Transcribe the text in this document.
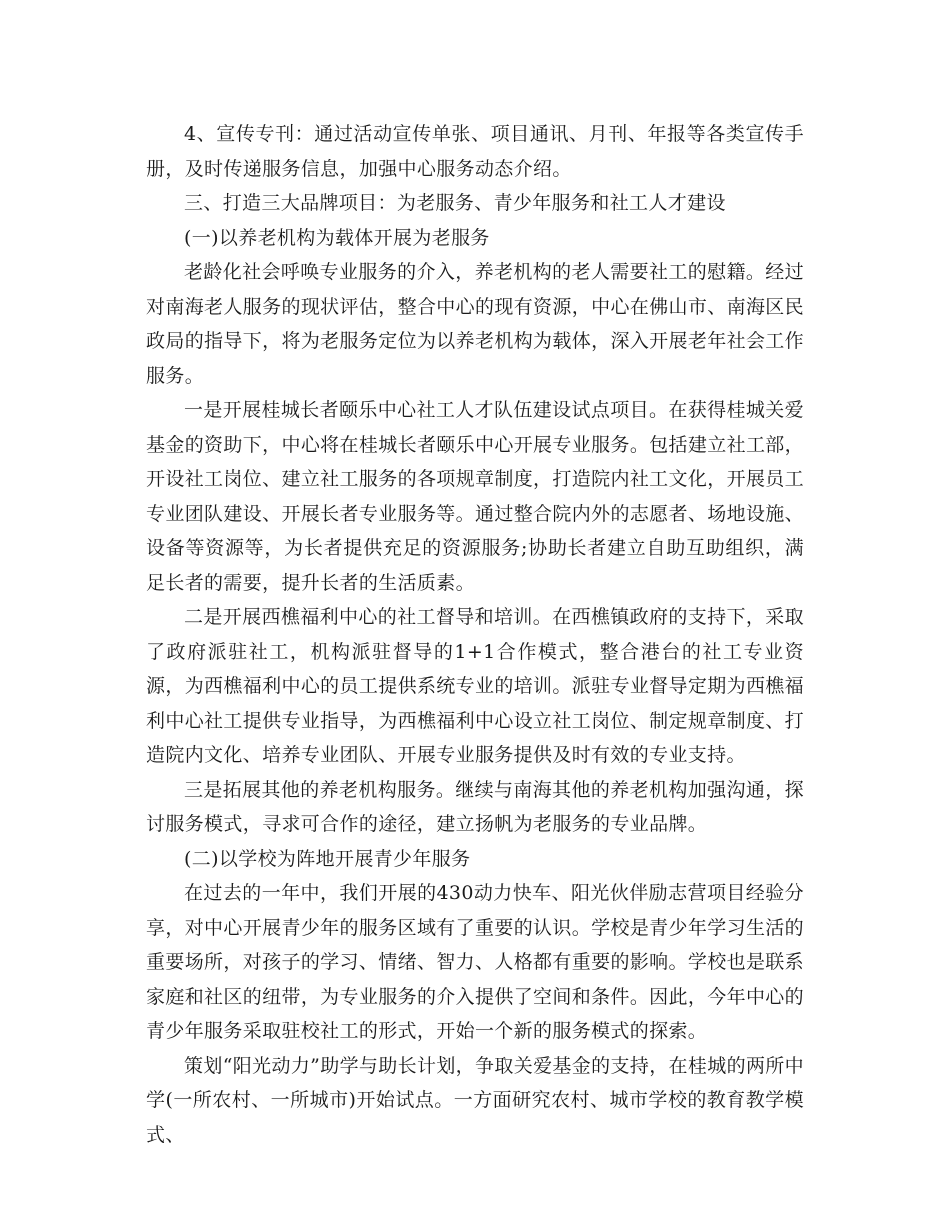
4、宣传专刊：通过活动宣传单张、项目通讯、月刊、年报等各类宣传手册，及时传递服务信息，加强中心服务动态介绍。

三、打造三大品牌项目：为老服务、青少年服务和社工人才建设

(一)以养老机构为载体开展为老服务

老龄化社会呼唤专业服务的介入，养老机构的老人需要社工的慰籍。经过对南海老人服务的现状评估，整合中心的现有资源，中心在佛山市、南海区民政局的指导下，将为老服务定位为以养老机构为载体，深入开展老年社会工作服务。

一是开展桂城长者颐乐中心社工人才队伍建设试点项目。在获得桂城关爱基金的资助下，中心将在桂城长者颐乐中心开展专业服务。包括建立社工部，开设社工岗位、建立社工服务的各项规章制度，打造院内社工文化，开展员工专业团队建设、开展长者专业服务等。通过整合院内外的志愿者、场地设施、设备等资源等，为长者提供充足的资源服务;协助长者建立自助互助组织，满足长者的需要，提升长者的生活质素。

二是开展西樵福利中心的社工督导和培训。在西樵镇政府的支持下，采取了政府派驻社工，机构派驻督导的1+1合作模式，整合港台的社工专业资源，为西樵福利中心的员工提供系统专业的培训。派驻专业督导定期为西樵福利中心社工提供专业指导，为西樵福利中心设立社工岗位、制定规章制度、打造院内文化、培养专业团队、开展专业服务提供及时有效的专业支持。

三是拓展其他的养老机构服务。继续与南海其他的养老机构加强沟通，探讨服务模式，寻求可合作的途径，建立扬帆为老服务的专业品牌。

(二)以学校为阵地开展青少年服务

在过去的一年中，我们开展的430动力快车、阳光伙伴励志营项目经验分享，对中心开展青少年的服务区域有了重要的认识。学校是青少年学习生活的重要场所，对孩子的学习、情绪、智力、人格都有重要的影响。学校也是联系家庭和社区的纽带，为专业服务的介入提供了空间和条件。因此，今年中心的青少年服务采取驻校社工的形式，开始一个新的服务模式的探索。

策划“阳光动力”助学与助长计划，争取关爱基金的支持，在桂城的两所中学(一所农村、一所城市)开始试点。一方面研究农村、城市学校的教育教学模式、
